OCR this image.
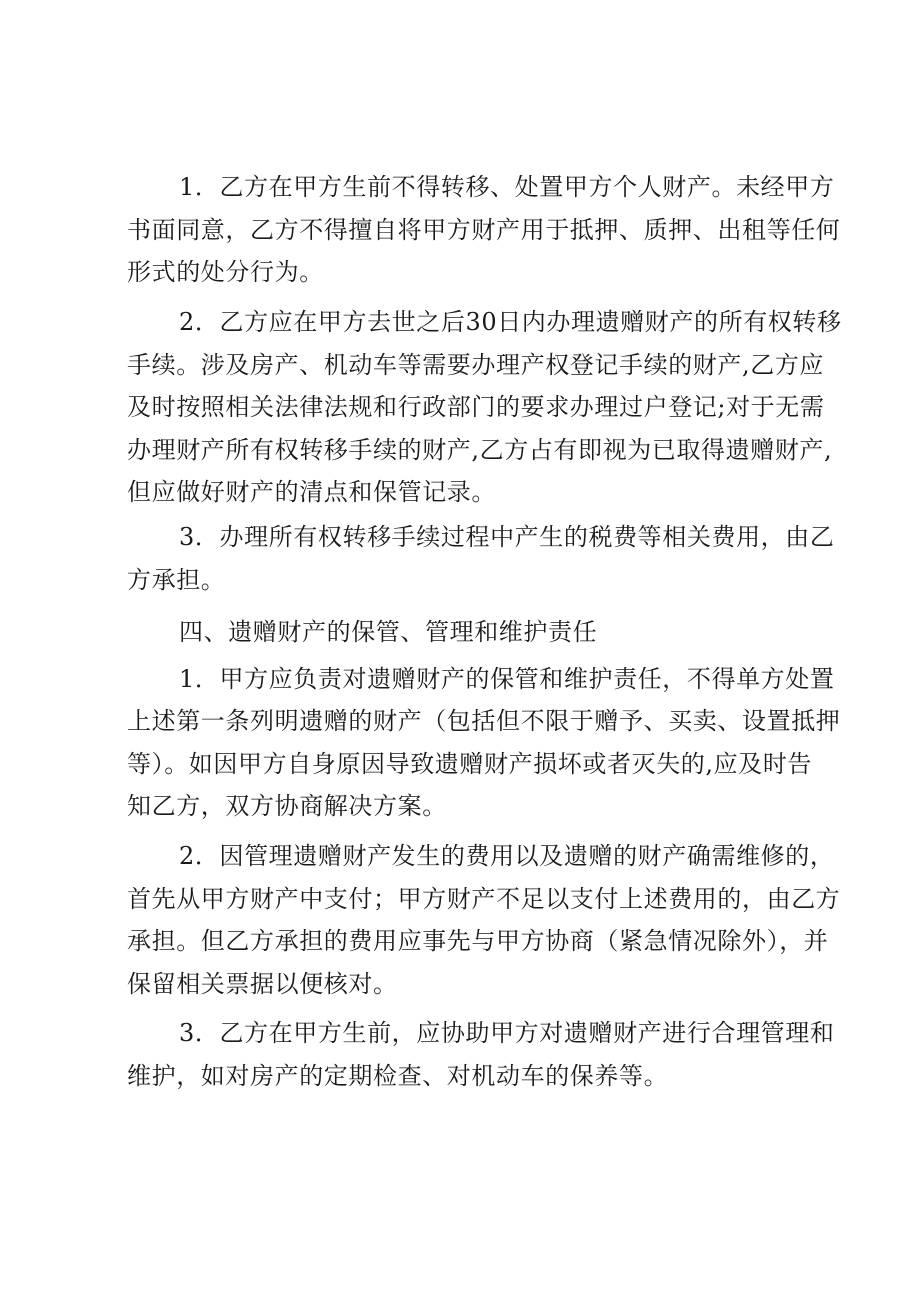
1．乙方在甲方生前不得转移、处置甲方个人财产。未经甲方
书面同意，乙方不得擅自将甲方财产用于抵押、质押、出租等任何
形式的处分行为。
2．乙方应在甲方去世之后30日内办理遗赠财产的所有权转移
手续。涉及房产、机动车等需要办理产权登记手续的财产,乙方应
及时按照相关法律法规和行政部门的要求办理过户登记;对于无需
办理财产所有权转移手续的财产,乙方占有即视为已取得遗赠财产,
但应做好财产的清点和保管记录。
3．办理所有权转移手续过程中产生的税费等相关费用，由乙
方承担。
四、遗赠财产的保管、管理和维护责任
1．甲方应负责对遗赠财产的保管和维护责任，不得单方处置
上述第一条列明遗赠的财产（包括但不限于赠予、买卖、设置抵押
等）。如因甲方自身原因导致遗赠财产损坏或者灭失的,应及时告
知乙方，双方协商解决方案。
2．因管理遗赠财产发生的费用以及遗赠的财产确需维修的，
首先从甲方财产中支付；甲方财产不足以支付上述费用的，由乙方
承担。但乙方承担的费用应事先与甲方协商（紧急情况除外），并
保留相关票据以便核对。
3．乙方在甲方生前，应协助甲方对遗赠财产进行合理管理和
维护，如对房产的定期检查、对机动车的保养等。
